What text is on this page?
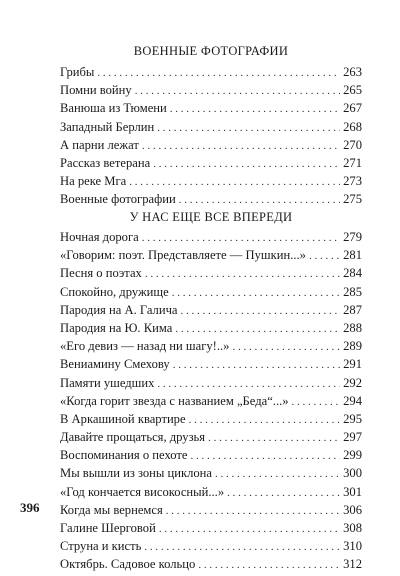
ВОЕННЫЕ ФОТОГРАФИИ
Грибы . . .	263
Помни войну . . .	265
Ванюша из Тюмени . . .	267
Западный Берлин . . .	268
А парни лежат . . .	270
Рассказ ветерана . . .	271
На реке Мга . . .	273
Военные фотографии . . .	275
У НАС ЕЩЕ ВСЕ ВПЕРЕДИ
Ночная дорога . . .	279
«Говорим: поэт. Представляете — Пушкин...» . . .	281
Песня о поэтах . . .	284
Спокойно, дружище . . .	285
Пародия на А. Галича . . .	287
Пародия на Ю. Кима . . .	288
«Его девиз — назад ни шагу!..» . . .	289
Вениамину Смехову . . .	291
Памяти ушедших . . .	292
«Когда горит звезда с названием „Беда“...» . . .	294
В Аркашиной квартире . . .	295
Давайте прощаться, друзья . . .	297
Воспоминания о пехоте . . .	299
Мы вышли из зоны циклона . . .	300
«Год кончается високосный...» . . .	301
Когда мы вернемся . . .	306
Галине Шерговой . . .	308
Струна и кисть . . .	310
Октябрь. Садовое кольцо . . .	312
396
